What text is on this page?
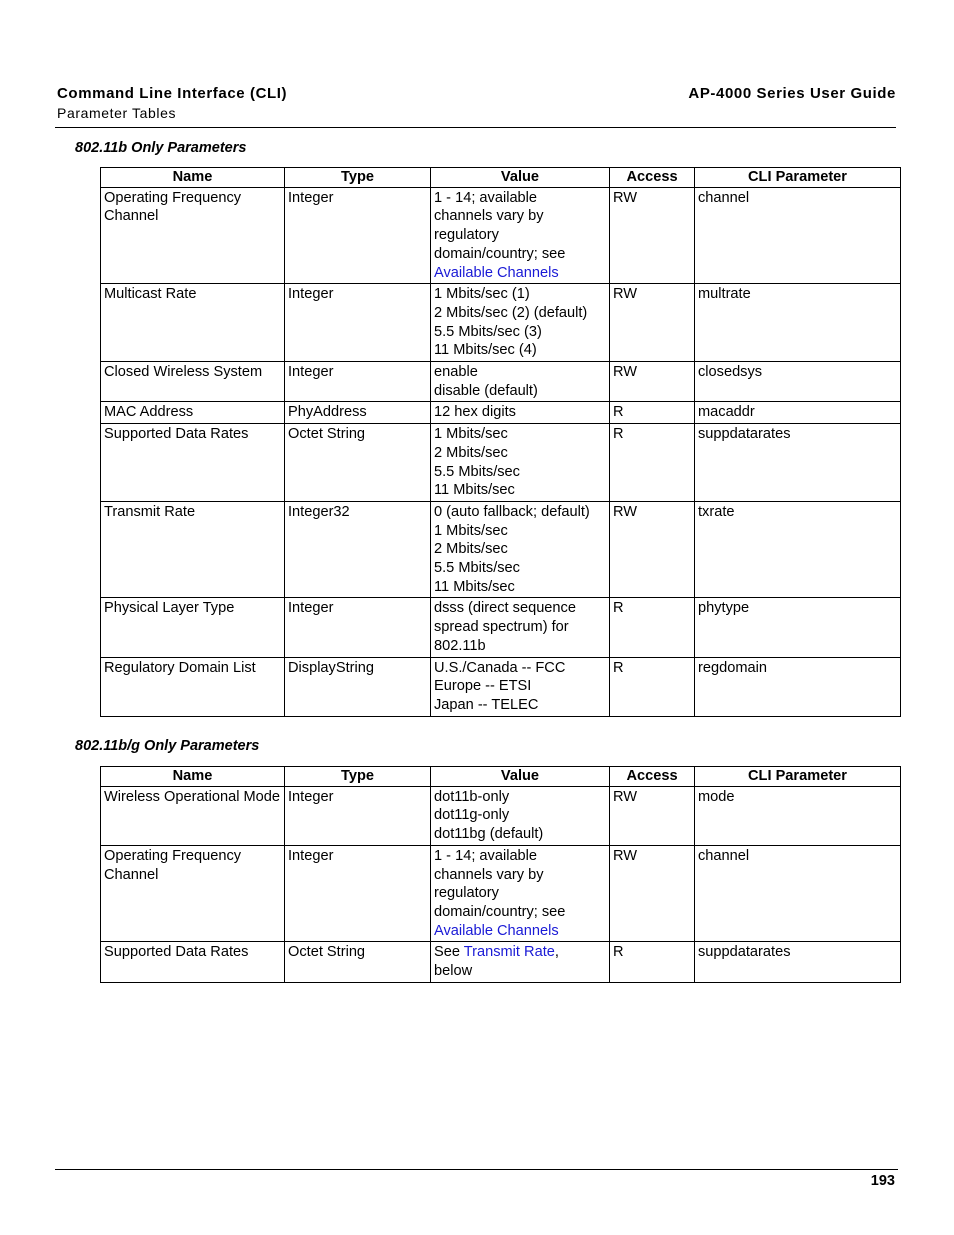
Command Line Interface (CLI)
Parameter Tables
AP-4000 Series User Guide
802.11b Only Parameters
Name	Type	Value	Access	CLI Parameter
Operating Frequency Channel	Integer	1 - 14; available
channels vary by
regulatory
domain/country; see
Available Channels	RW	channel
Multicast Rate	Integer	1 Mbits/sec (1)
2 Mbits/sec (2) (default)
5.5 Mbits/sec (3)
11 Mbits/sec (4)	RW	multrate
Closed Wireless System	Integer	enable
disable (default)	RW	closedsys
MAC Address	PhyAddress	12 hex digits	R	macaddr
Supported Data Rates	Octet String	1 Mbits/sec
2 Mbits/sec
5.5 Mbits/sec
11 Mbits/sec	R	suppdatarates
Transmit Rate	Integer32	0 (auto fallback; default)
1 Mbits/sec
2 Mbits/sec
5.5 Mbits/sec
11 Mbits/sec	RW	txrate
Physical Layer Type	Integer	dsss (direct sequence
spread spectrum) for
802.11b	R	phytype
Regulatory Domain List	DisplayString	U.S./Canada -- FCC
Europe -- ETSI
Japan -- TELEC	R	regdomain
802.11b/g Only Parameters
Name	Type	Value	Access	CLI Parameter
Wireless Operational Mode	Integer	dot11b-only
dot11g-only
dot11bg (default)	RW	mode
Operating Frequency Channel	Integer	1 - 14; available
channels vary by
regulatory
domain/country; see
Available Channels	RW	channel
Supported Data Rates	Octet String	See Transmit Rate,
below	R	suppdatarates
193
